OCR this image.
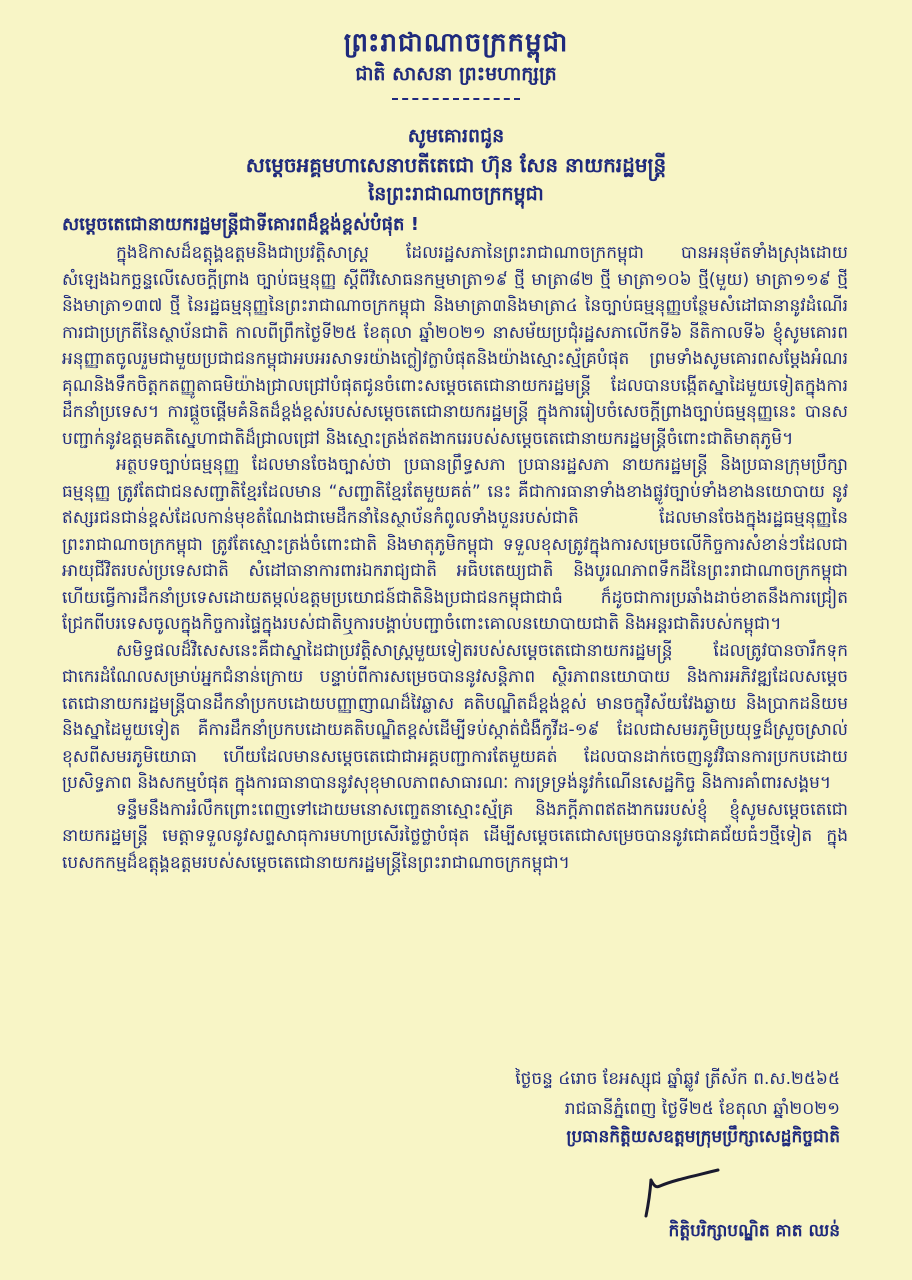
ព្រះរាជាណាចក្រកម្ពុជា
ជាតិ សាសនា ព្រះមហាក្សត្រ
សូមគោរពជូន
សម្ដេចអគ្គមហាសេនាបតីតេជោ ហ៊ុន សែន នាយករដ្ឋមន្ត្រី
នៃព្រះរាជាណាចក្រកម្ពុជា
សម្ដេចតេជោនាយករដ្ឋមន្ត្រីជាទីគោរពដ៏ខ្ពង់ខ្ពស់បំផុត !

ក្នុងឱកាសដ៏ឧត្តុង្គឧត្តមនិងជាប្រវត្តិសាស្ត្រ ដែលរដ្ឋសភានៃព្រះរាជាណាចក្រកម្ពុជា បានអនុម័តទាំងស្រុងដោយសំឡេងឯកច្ឆន្ទលើសេចក្តីព្រាង ច្បាប់ធម្មនុញ្ញ ស្តីពីវិសោធនកម្មមាត្រា១៩ ថ្មី មាត្រា៨២ ថ្មី មាត្រា១០៦ ថ្មី(មួយ) មាត្រា១១៩ ថ្មី និងមាត្រា១៣៧ ថ្មី នៃរដ្ឋធម្មនុញ្ញនៃព្រះរាជាណាចក្រកម្ពុជា និងមាត្រា៣និងមាត្រា៤ នៃច្បាប់ធម្មនុញ្ញបន្ថែមសំដៅធានានូវដំណើរការជាប្រក្រតីនៃស្ថាប័នជាតិ កាលពីព្រឹកថ្ងៃទី២៥ ខែតុលា ឆ្នាំ២០២១ នាសម័យប្រជុំរដ្ឋសភាលើកទី៦ នីតិកាលទី៦ ខ្ញុំសូមគោរពអនុញ្ញាតចូលរួមជាមួយប្រជាជនកម្ពុជាអបអរសាទរយ៉ាងក្លៀវក្លាបំផុតនិងយ៉ាងស្មោះស្ម័គ្របំផុត ព្រមទាំងសូមគោរពសម្តែងអំណរគុណនិងទឹកចិត្តកតញ្ញូតាធមិយ៉ាងជ្រាលជ្រៅបំផុតជូនចំពោះសម្តេចតេជោនាយករដ្ឋមន្ត្រី ដែលបានបង្កើតស្នាដៃមួយទៀតក្នុងការដឹកនាំប្រទេស។ ការផ្តួចផ្តើមគំនិតដ៏ខ្ពង់ខ្ពស់របស់សម្តេចតេជោនាយករដ្ឋមន្ត្រី ក្នុងការរៀបចំសេចក្តីព្រាងច្បាប់ធម្មនុញ្ញនេះ បានសបញ្ជាក់នូវឧត្តមគតិស្នេហាជាតិដ៏ជ្រាលជ្រៅ និងស្មោះត្រង់ឥតងាករេរបស់សម្តេចតេជោនាយករដ្ឋមន្ត្រីចំពោះជាតិមាតុភូមិ។

អត្ថបទច្បាប់ធម្មនុញ្ញ ដែលមានចែងច្បាស់ថា ប្រធានព្រឹទ្ធសភា ប្រធានរដ្ឋសភា នាយករដ្ឋមន្ត្រី និងប្រធានក្រុមប្រឹក្សាធម្មនុញ្ញ ត្រូវតែជាជនសញ្ជាតិខ្មែរដែលមាន “សញ្ជាតិខ្មែរតែមួយគត់” នេះ គឺជាការធានាទាំងខាងផ្លូវច្បាប់ទាំងខាងនយោបាយ នូវឥស្សរជនជាន់ខ្ពស់ដែលកាន់មុខតំណែងជាមេដឹកនាំនៃស្ថាប័នកំពូលទាំងបួនរបស់ជាតិ ដែលមានចែងក្នុងរដ្ឋធម្មនុញ្ញនៃព្រះរាជាណាចក្រកម្ពុជា ត្រូវតែស្មោះត្រង់ចំពោះជាតិ និងមាតុភូមិកម្ពុជា ទទួលខុសត្រូវក្នុងការសម្រេចលើកិច្ចការសំខាន់ៗដែលជាអាយុជីវិតរបស់ប្រទេសជាតិ សំដៅធានាការពារឯករាជ្យជាតិ អធិបតេយ្យជាតិ និងបូរណភាពទឹកដីនៃព្រះរាជាណាចក្រកម្ពុជា ហើយធ្វើការដឹកនាំប្រទេសដោយតម្កល់ឧត្តមប្រយោជន៍ជាតិនិងប្រជាជនកម្ពុជាជាធំ ក៏ដូចជាការប្រឆាំងដាច់ខាតនឹងការជ្រៀតជ្រែកពីបរទេសចូលក្នុងកិច្ចការផ្ទៃក្នុងរបស់ជាតិឬការបង្គាប់បញ្ជាចំពោះគោលនយោបាយជាតិ និងអន្តរជាតិរបស់កម្ពុជា។

សមិទ្ធផលដ៏វិសេសនេះគឺជាស្នាដៃជាប្រវត្តិសាស្ត្រមួយទៀតរបស់សម្តេចតេជោនាយករដ្ឋមន្ត្រី ដែលត្រូវបានចារឹកទុកជាកេរដំណែលសម្រាប់អ្នកជំនាន់ក្រោយ បន្ទាប់ពីការសម្រេចបាននូវសន្តិភាព ស្ថិរភាពនយោបាយ និងការអភិវឌ្ឍដែលសម្តេចតេជោនាយករដ្ឋមន្ត្រីបានដឹកនាំប្រកបដោយបញ្ញាញាណដ៏វៃឆ្លាស គតិបណ្ឌិតដ៏ខ្ពង់ខ្ពស់ មានចក្ខុវិស័យវែងឆ្ងាយ និងប្រាកដនិយម និងស្នាដៃមួយទៀត គឺការដឹកនាំប្រកបដោយគតិបណ្ឌិតខ្ពស់ដើម្បីទប់ស្កាត់ជំងឺកូវីដ-១៩ ដែលជាសមរភូមិប្រយុទ្ធដ៏ស្រួចស្រាល់ខុសពីសមរភូមិយោធា ហើយដែលមានសម្តេចតេជោជាអគ្គបញ្ជាការតែមួយគត់ ដែលបានដាក់ចេញនូវវិធានការប្រកបដោយប្រសិទ្ធភាព និងសកម្មបំផុត ក្នុងការធានាបាននូវសុខុមាលភាពសាធារណៈ ការទ្រទ្រង់នូវកំណើនសេដ្ឋកិច្ច និងការគាំពារសង្គម។

ទន្ទឹមនឹងការរំលឹកព្រោះពេញទៅដោយមនោសញ្ចេតនាស្មោះស្ម័គ្រ និងភក្តីភាពឥតងាករេរបស់ខ្ញុំ ខ្ញុំសូមសម្តេចតេជោនាយករដ្ឋមន្ត្រី មេត្តាទទួលនូវសព្ទសាធុការមហាប្រសើរថ្លៃថ្លាបំផុត ដើម្បីសម្តេចតេជោសម្រេចបាននូវជោគជ័យធំៗថ្មីទៀត ក្នុងបេសកកម្មដ៏ឧត្តុង្គឧត្តមរបស់សម្តេចតេជោនាយករដ្ឋមន្ត្រីនៃព្រះរាជាណាចក្រកម្ពុជា។

ថ្ងៃចន្ទ ៤រោច ខែអស្សុជ ឆ្នាំឆ្លូវ ត្រីស័ក ព.ស.២៥៦៥
រាជធានីភ្នំពេញ ថ្ងៃទី២៥ ខែតុលា ឆ្នាំ២០២១
ប្រធានកិត្តិយសឧត្តមក្រុមប្រឹក្សាសេដ្ឋកិច្ចជាតិ
កិត្តិបរិក្សាបណ្ឌិត គាត ឈន់
